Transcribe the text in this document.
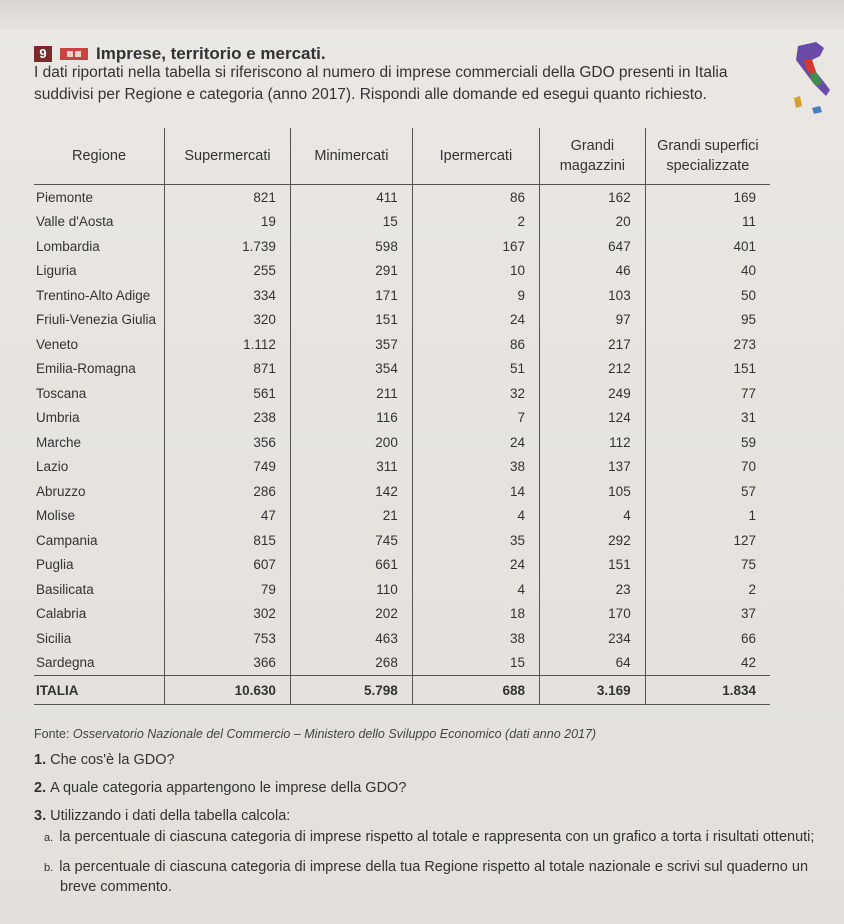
9	Imprese, territorio e mercati.
I dati riportati nella tabella si riferiscono al numero di imprese commerciali della GDO presenti in Italia suddivisi per Regione e categoria (anno 2017). Rispondi alle domande ed esegui quanto richiesto.
Regione	Supermercati	Minimercati	Ipermercati	Grandi magazzini	Grandi superfici specializzate
Piemonte	821	411	86	162	169
Valle d'Aosta	19	15	2	20	11
Lombardia	1.739	598	167	647	401
Liguria	255	291	10	46	40
Trentino-Alto Adige	334	171	9	103	50
Friuli-Venezia Giulia	320	151	24	97	95
Veneto	1.112	357	86	217	273
Emilia-Romagna	871	354	51	212	151
Toscana	561	211	32	249	77
Umbria	238	116	7	124	31
Marche	356	200	24	112	59
Lazio	749	311	38	137	70
Abruzzo	286	142	14	105	57
Molise	47	21	4	4	1
Campania	815	745	35	292	127
Puglia	607	661	24	151	75
Basilicata	79	110	4	23	2
Calabria	302	202	18	170	37
Sicilia	753	463	38	234	66
Sardegna	366	268	15	64	42
ITALIA	10.630	5.798	688	3.169	1.834
Fonte: Osservatorio Nazionale del Commercio – Ministero dello Sviluppo Economico (dati anno 2017)
1. Che cos'è la GDO?
2. A quale categoria appartengono le imprese della GDO?
3. Utilizzando i dati della tabella calcola:
a. la percentuale di ciascuna categoria di imprese rispetto al totale e rappresenta con un grafico a torta i risultati ottenuti;
b. la percentuale di ciascuna categoria di imprese della tua Regione rispetto al totale nazionale e scrivi sul quaderno un breve commento.
